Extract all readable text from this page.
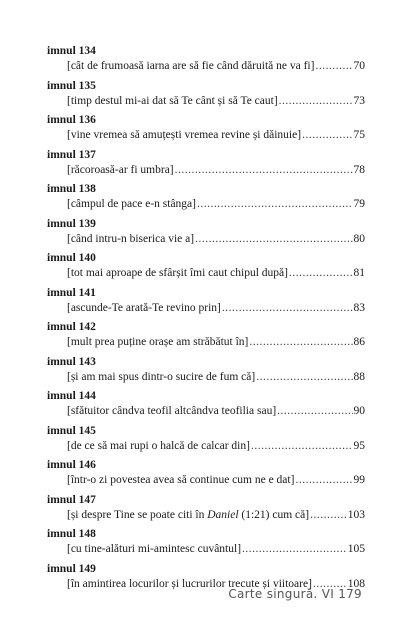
imnul 134
[cât de frumoasă iarna are să fie când dăruită ne va fi] .....	70
imnul 135
[timp destul mi-ai dat să Te cânt și să Te caut] .....	73
imnul 136
[vine vremea să amuțești vremea revine și dăinuie] .....	75
imnul 137
[răcoroasă-ar fi umbra] .....	78
imnul 138
[câmpul de pace e-n stânga] .....	79
imnul 139
[când intru-n biserica vie a] .....	80
imnul 140
[tot mai aproape de sfârșit îmi caut chipul după] .....	81
imnul 141
[ascunde-Te arată-Te revino prin] .....	83
imnul 142
[mult prea puține orașe am străbătut în] .....	86
imnul 143
[și am mai spus dintr-o sucire de fum că] .....	88
imnul 144
[sfătuitor cândva teofil altcândva teofilia sau] .....	90
imnul 145
[de ce să mai rupi o halcă de calcar din] .....	95
imnul 146
[într-o zi povestea avea să continue cum ne e dat] .....	99
imnul 147
[și despre Tine se poate citi în Daniel (1:21) cum că] .....	103
imnul 148
[cu tine-alături mi-amintesc cuvântul] .....	105
imnul 149
[în amintirea locurilor și lucrurilor trecute și viitoare] .....	108
Carte singură. VI 179
